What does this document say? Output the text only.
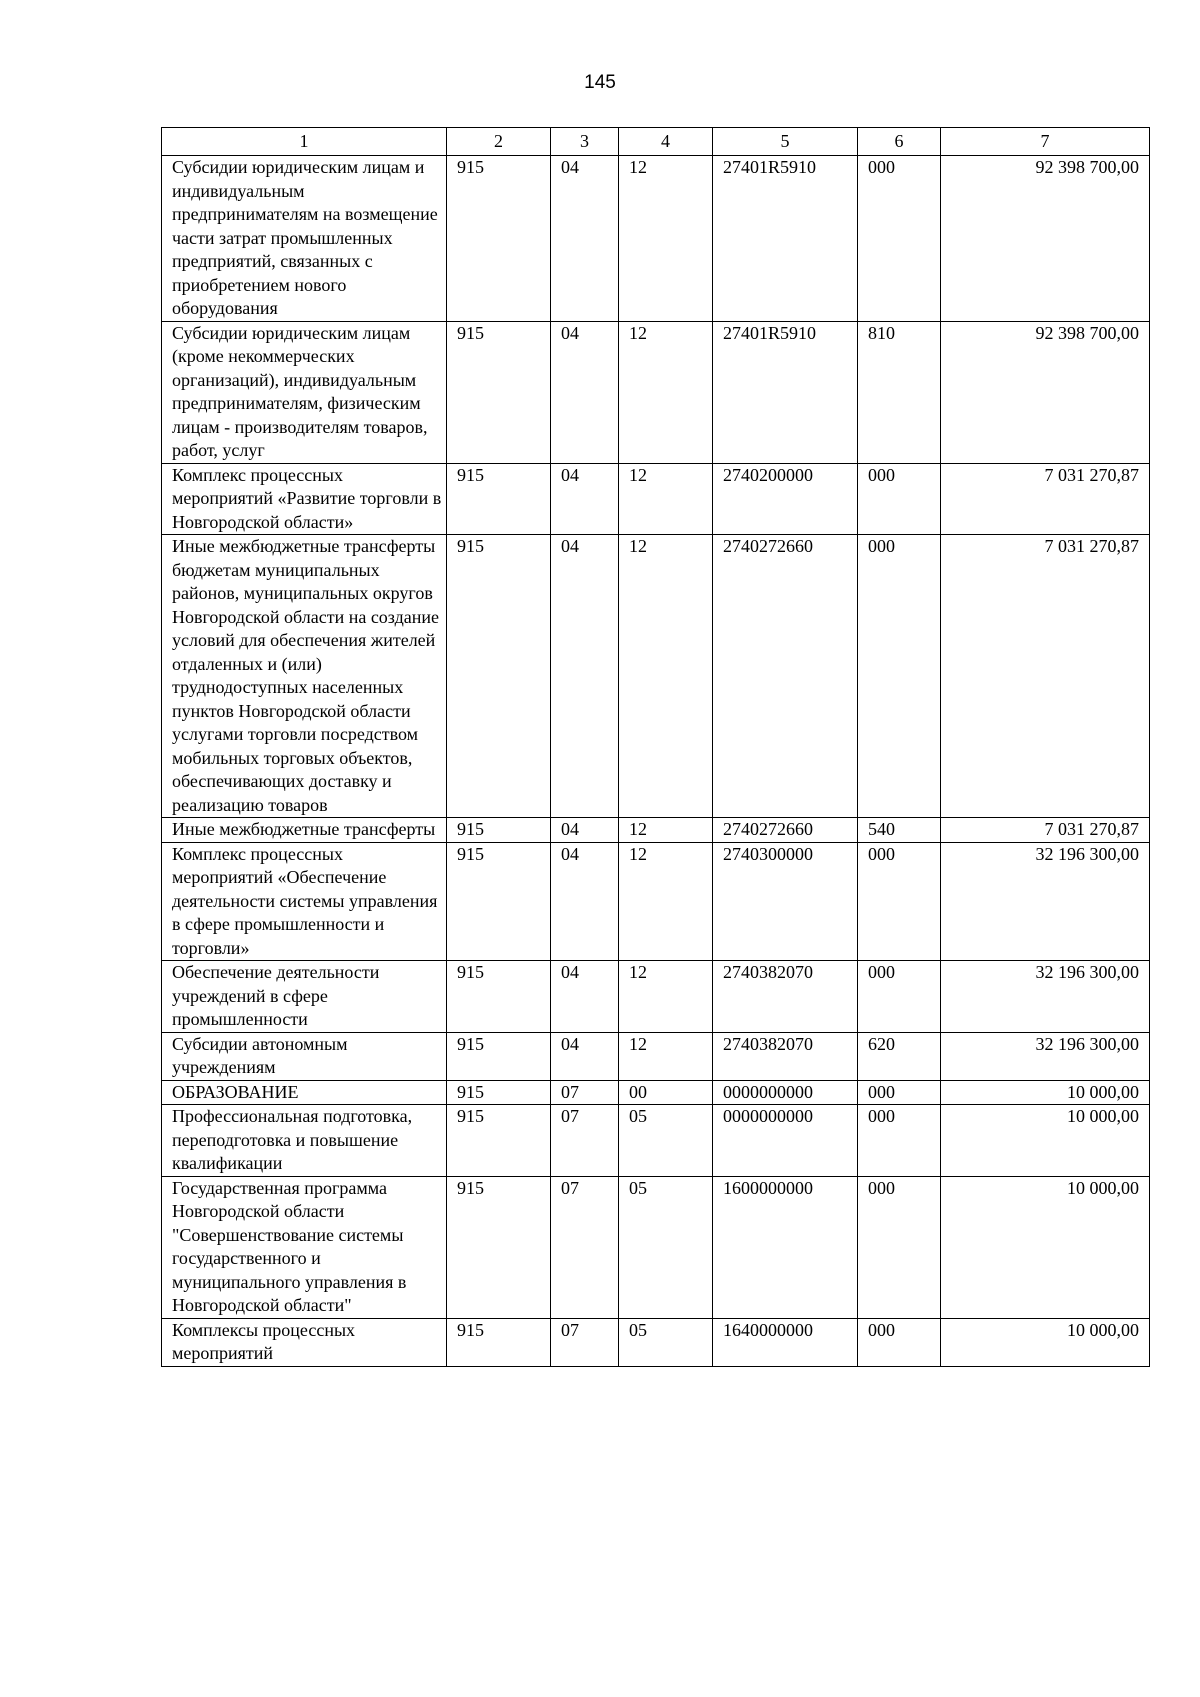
145
1	2	3	4	5	6	7
Субсидии юридическим лицам и индивидуальным предпринимателям на возмещение части затрат промышленных предприятий, связанных с приобретением нового оборудования	915	04	12	27401R5910	000	92 398 700,00
Субсидии юридическим лицам (кроме некоммерческих организаций), индивидуальным предпринимателям, физическим лицам - производителям товаров, работ, услуг	915	04	12	27401R5910	810	92 398 700,00
Комплекс процессных мероприятий «Развитие торговли в Новгородской области»	915	04	12	2740200000	000	7 031 270,87
Иные межбюджетные трансферты бюджетам муниципальных районов, муниципальных округов Новгородской области на создание условий для обеспечения жителей отдаленных и (или) труднодоступных населенных пунктов Новгородской области услугами торговли посредством мобильных торговых объектов, обеспечивающих доставку и реализацию товаров	915	04	12	2740272660	000	7 031 270,87
Иные межбюджетные трансферты	915	04	12	2740272660	540	7 031 270,87
Комплекс процессных мероприятий «Обеспечение деятельности системы управления в сфере промышленности и торговли»	915	04	12	2740300000	000	32 196 300,00
Обеспечение деятельности учреждений в сфере промышленности	915	04	12	2740382070	000	32 196 300,00
Субсидии автономным учреждениям	915	04	12	2740382070	620	32 196 300,00
ОБРАЗОВАНИЕ	915	07	00	0000000000	000	10 000,00
Профессиональная подготовка, переподготовка и повышение квалификации	915	07	05	0000000000	000	10 000,00
Государственная программа Новгородской области "Совершенствование системы государственного и муниципального управления в Новгородской области"	915	07	05	1600000000	000	10 000,00
Комплексы процессных мероприятий	915	07	05	1640000000	000	10 000,00
